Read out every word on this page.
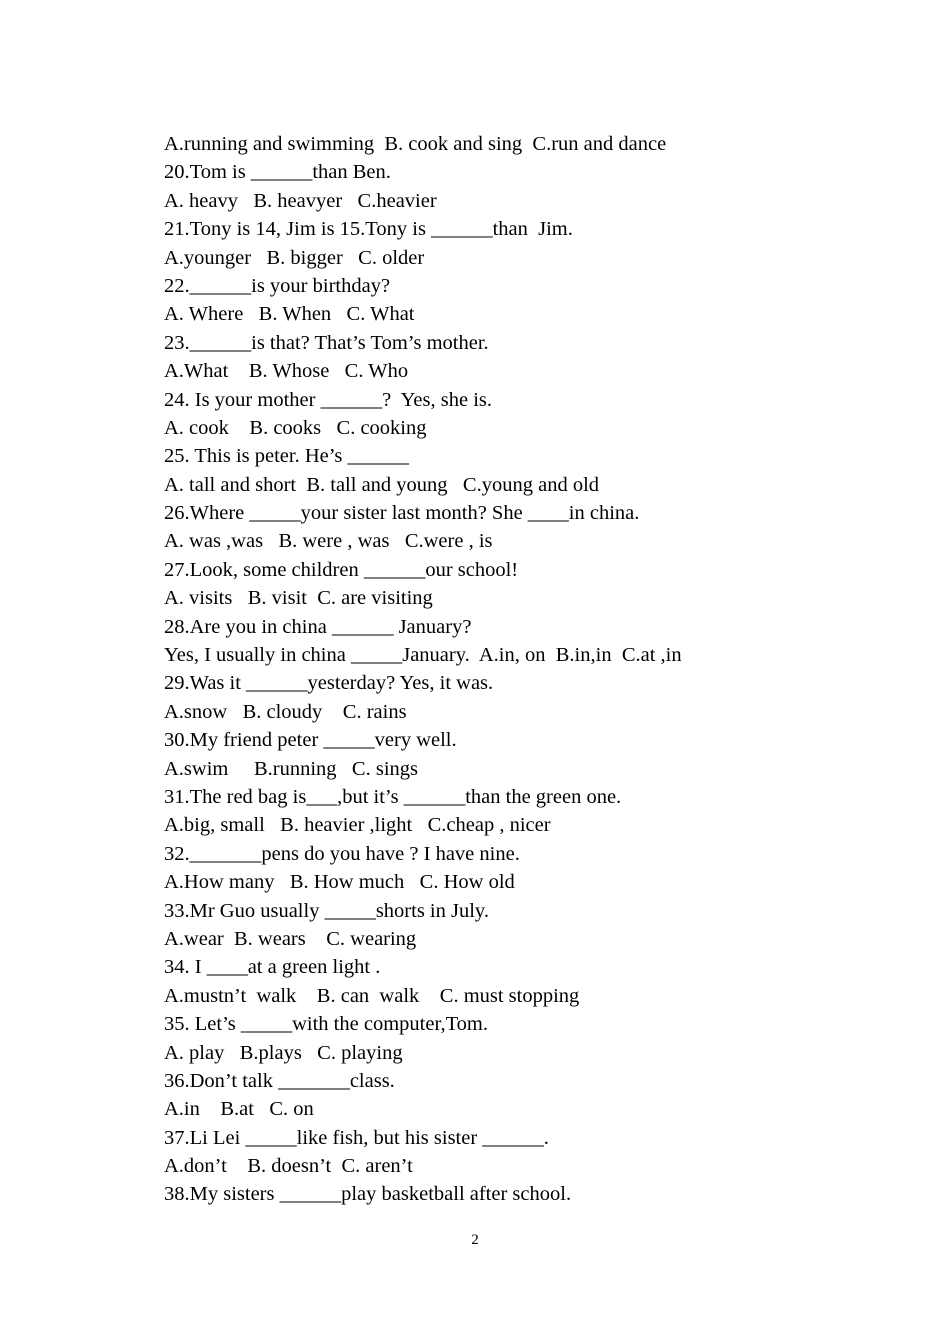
A.running and swimming  B. cook and sing  C.run and dance
20.Tom is ______than Ben.
A. heavy   B. heavyer   C.heavier
21.Tony is 14, Jim is 15.Tony is ______than  Jim.
A.younger   B. bigger   C. older
22.______is your birthday?
A. Where   B. When   C. What
23.______is that? That’s Tom’s mother.
A.What    B. Whose   C. Who
24. Is your mother ______?  Yes, she is.
A. cook    B. cooks   C. cooking
25. This is peter. He’s ______
A. tall and short  B. tall and young   C.young and old
26.Where _____your sister last month? She ____in china.
A. was ,was   B. were , was   C.were , is
27.Look, some children ______our school!
A. visits   B. visit  C. are visiting
28.Are you in china ______ January?
Yes, I usually in china _____January.  A.in, on  B.in,in  C.at ,in
29.Was it ______yesterday? Yes, it was.
A.snow   B. cloudy    C. rains
30.My friend peter _____very well.
A.swim     B.running   C. sings
31.The red bag is___,but it’s ______than the green one.
A.big, small   B. heavier ,light   C.cheap , nicer
32._______pens do you have ? I have nine.
A.How many   B. How much   C. How old
33.Mr Guo usually _____shorts in July.
A.wear  B. wears    C. wearing
34. I ____at a green light .
A.mustn’t  walk    B. can  walk    C. must stopping
35. Let’s _____with the computer,Tom.
A. play   B.plays   C. playing
36.Don’t talk _______class.
A.in    B.at   C. on
37.Li Lei _____like fish, but his sister ______.
A.don’t    B. doesn’t  C. aren’t
38.My sisters ______play basketball after school.
2
